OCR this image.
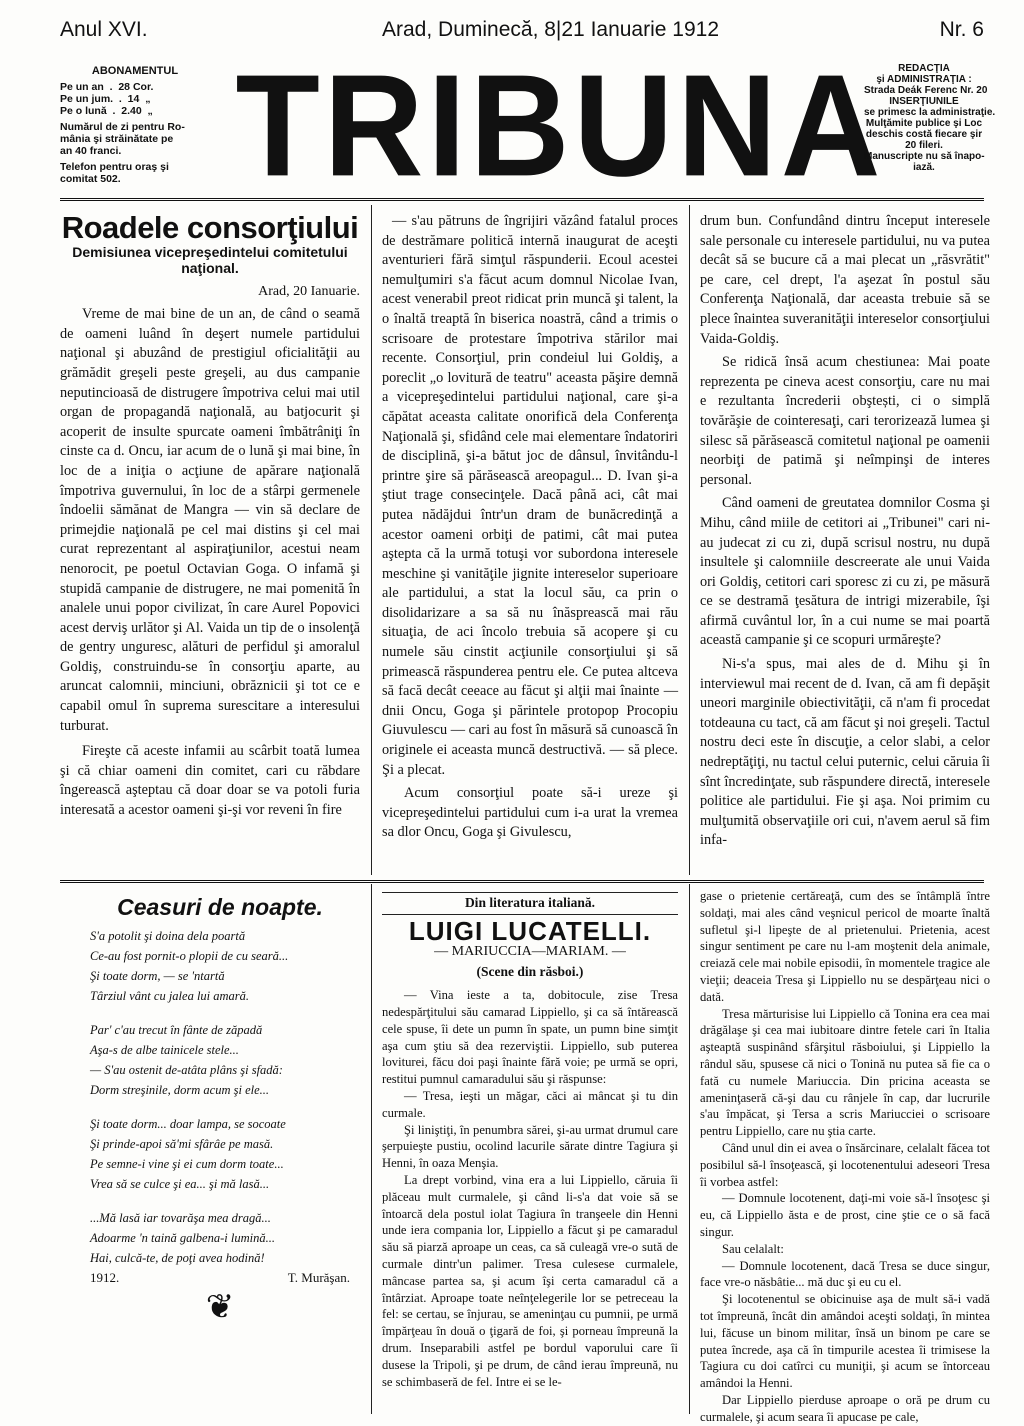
Anul XVI.	Arad, Duminecă, 8|21 Ianuarie 1912	Nr. 6
ABONAMENTUL
Pe un an  .  28 Cor.
Pe un jum.  .  14  „
Pe o lună  .  2.40  „
Numărul de zi pentru Ro-
mânia şi străinătate pe
an 40 franci.
Telefon pentru oraş şi
comitat 502. TRIBUNA	REDACŢIA
şi ADMINISTRAŢIA :
Strada Deák Ferenc Nr. 20
INSERŢIUNILE
se primesc la administraţie.
Mulţămite publice şi Loc
deschis costă fiecare şir
20 fileri.
Manuscripte nu să înapo-
iază.
Roadele consorţiului
Demisiunea vicepreşedintelui comitetului naţional.
Arad, 20 Ianuarie.

Vreme de mai bine de un an, de când o seamă de oameni luând în deşert numele partidului naţional şi abuzând de prestigiul oficialităţii au grămădit greşeli peste greşeli, au dus campanie neputincioasă de distrugere împotriva celui mai util organ de propagandă naţională, au batjocurit şi acoperit de insulte spurcate oameni îmbătrâniţi în cinste ca d. Oncu, iar acum de o lună şi mai bine, în loc de a iniţia o acţiune de apărare naţională împotriva guvernului, în loc de a stârpi germenele îndoelii sămănat de Mangra — vin să declare de primejdie naţională pe cel mai distins şi cel mai curat reprezentant al aspiraţiunilor, acestui neam nenorocit, pe poetul Octavian Goga. O infamă şi stupidă campanie de distrugere, ne mai pomenită în analele unui popor civilizat, în care Aurel Popovici acest derviş urlător şi Al. Vaida un tip de o insolenţă de gentry unguresc, alături de perfidul şi amoralul Goldiş, construindu-se în consorţiu aparte, au aruncat calomnii, minciuni, obrăznicii şi tot ce e capabil omul în suprema surescitare a interesului turburat.

Fireşte că aceste infamii au scârbit toată lumea şi că chiar oameni din comitet, cari cu răbdare îngerească aşteptau că doar doar se va potoli furia interesată a acestor oameni şi-şi vor reveni în fire

— s'au pătruns de îngrijiri văzând fatalul proces de destrămare politică internă inaugurat de aceşti aventurieri fără simţul răspunderii. Ecoul acestei nemulţumiri s'a făcut acum domnul Nicolae Ivan, acest venerabil preot ridicat prin muncă şi talent, la o înaltă treaptă în biserica noastră, când a trimis o scrisoare de protestare împotriva stărilor mai recente. Consorţiul, prin condeiul lui Goldiş, a poreclit „o lovitură de teatru" aceasta păşire demnă a vicepreşedintelui partidului naţional, care şi-a căpătat aceasta calitate onorifică dela Conferenţa Naţională şi, sfidând cele mai elementare îndatoriri de disciplină, şi-a bătut joc de dânsul, învitându-l printre şire să părăsească areopagul... D. Ivan şi-a ştiut trage consecinţele. Dacă până aci, cât mai putea nădăjdui într'un dram de bunăcredinţă a acestor oameni orbiţi de patimi, cât mai putea aştepta că la urmă totuşi vor subordona interesele meschine şi vanităţile jignite intereselor superioare ale partidului, a stat la locul său, ca prin o disolidarizare a sa să nu înăsprească mai rău situaţia, de aci încolo trebuia să acopere şi cu numele său cinstit acţiunile consorţiului şi să primească răspunderea pentru ele. Ce putea altceva să facă decât ceeace au făcut şi alţii mai înainte — dnii Oncu, Goga şi părintele protopop Procopiu Giuvulescu — cari au fost în măsură să cunoască în originele ei aceasta muncă destructivă. — să plece. Şi a plecat.

Acum consorţiul poate să-i ureze şi vicepreşedintelui partidului cum i-a urat la vremea sa dlor Oncu, Goga şi Givulescu,

drum bun. Confundând dintru început interesele sale personale cu interesele partidului, nu va putea decât să se bucure că a mai plecat un „răsvrătit" pe care, cel drept, l'a aşezat în postul său Conferenţa Naţională, dar aceasta trebuie să se plece înaintea suveranităţii intereselor consorţiului Vaida-Goldiş.

Se ridică însă acum chestiunea: Mai poate reprezenta pe cineva acest consorţiu, care nu mai e rezultanta încrederii obştești, ci o simplă tovărăşie de cointeresaţi, cari terorizează lumea şi silesc să părăsească comitetul naţional pe oamenii neorbiţi de patimă şi neîmpinşi de interes personal.

Când oameni de greutatea domnilor Cosma şi Mihu, când miile de cetitori ai „Tribunei" cari ni-au judecat zi cu zi, după scrisul nostru, nu după insultele şi calomniile descreerate ale unui Vaida ori Goldiş, cetitori cari sporesc zi cu zi, pe măsură ce se destramă ţesătura de intrigi mizerabile, îşi afirmă cuvântul lor, în a cui nume se mai poartă această campanie şi ce scopuri urmăreşte?

Ni-s'a spus, mai ales de d. Mihu şi în interviewul mai recent de d. Ivan, că am fi depăşit uneori marginile obiectivităţii, că n'am fi procedat totdeauna cu tact, că am făcut şi noi greşeli. Tactul nostru deci este în discuţie, a celor slabi, a celor nedreptăţiţi, nu tactul celui puternic, celui căruia îi sînt încredinţate, sub răspundere directă, interesele politice ale partidului. Fie şi aşa. Noi primim cu mulţumită observaţiile ori cui, n'avem aerul să fim infa-

Ceasuri de noapte.
S'a potolit şi doina dela poartă
Ce-au fost pornit-o plopii de cu seară...
Şi toate dorm, — se 'ntartă
Târziul vânt cu jalea lui amară.
Par' c'au trecut în fânte de zăpadă
Aşa-s de albe tainicele stele...
— S'au ostenit de-atâta plâns şi sfadă:
Dorm streşinile, dorm acum şi ele...
Şi toate dorm... doar lampa, se socoate
Şi prinde-apoi să'mi sfârâe pe masă.
Pe semne-i vine şi ei cum dorm toate...
Vrea să se culce şi ea... şi mă lasă...
...Mă lasă iar tovarăşa mea dragă...
Adoarme 'n taină galbena-i lumină...
Hai, culcă-te, de poţi avea hodină!
1912.	T. Murăşan.
❦
Din literatura italiană.
LUIGI LUCATELLI.
— MARIUCCIA—MARIAM. —
(Scene din răsboi.)

— Vina ieste a ta, dobitocule, zise Tresa nedespărţitului său camarad Lippiello, şi ca să întărească cele spuse, îi dete un pumn în spate, un pumn bine simţit aşa cum ştiu să dea rezerviştii. Lippiello, sub puterea loviturei, făcu doi paşi înainte fără voie; pe urmă se opri, restitui pumnul camaradului său şi răspunse:

— Tresa, ieşti un măgar, căci ai mâncat şi tu din curmale.

Şi liniştiţi, în penumbra sărei, şi-au urmat drumul care şerpuieşte pustiu, ocolind lacurile sărate dintre Tagiura şi Henni, în oaza Menşia.

La drept vorbind, vina era a lui Lippiello, căruia îi plăceau mult curmalele, şi când li-s'a dat voie să se întoarcă dela postul iolat Tagiura în tranşeele din Henni unde iera compania lor, Lippiello a făcut şi pe camaradul său să piarză aproape un ceas, ca să culeagă vre-o sută de curmale dintr'un palimer. Tresa culesese curmalele, mâncase partea sa, şi acum îşi certa camaradul că a întârziat. Aproape toate neînţelegerile lor se petreceau la fel: se certau, se înjurau, se ameninţau cu pumnii, pe urmă împărţeau în două o ţigară de foi, şi porneau împreună la drum. Inseparabili astfel pe bordul vaporului care îi dusese la Tripoli, şi pe drum, de când ierau împreună, nu se schimbaseră de fel. Intre ei se le-

gase o prietenie certăreaţă, cum des se întâmplă între soldaţi, mai ales când veşnicul pericol de moarte înaltă sufletul şi-l lipeşte de al prietenului. Prietenia, acest singur sentiment pe care nu l-am moştenit dela animale, creiază cele mai nobile episodii, în momentele tragice ale vieţii; deaceia Tresa şi Lippiello nu se despărţeau nici o dată.

Tresa mărturisise lui Lippiello că Tonina era cea mai drăgălaşe şi cea mai iubitoare dintre fetele cari în Italia aşteaptă suspinând sfârşitul răsboiului, şi Lippiello la rândul său, spusese că nici o Tonină nu putea să fie ca o fată cu numele Mariuccia. Din pricina aceasta se ameninţaseră că-şi dau cu rânjele în cap, dar lucrurile s'au împăcat, şi Tersa a scris Mariucciei o scrisoare pentru Lippiello, care nu ştia carte.

Când unul din ei avea o însărcinare, celalalt făcea tot posibilul să-l însoţească, şi locotenentului adeseori Tresa îi vorbea astfel:

— Domnule locotenent, daţi-mi voie să-l însoţesc şi eu, că Lippiello ăsta e de prost, cine ştie ce o să facă singur.

Sau celalalt:

— Domnule locotenent, dacă Tresa se duce singur, face vre-o năsbâtie... mă duc şi eu cu el.

Şi locotenentul se obicinuise aşa de mult să-i vadă tot împreună, încât din amândoi aceşti soldaţi, în mintea lui, făcuse un binom militar, însă un binom pe care se putea încrede, aşa că în timpurile acestea îi trimisese la Tagiura cu doi catîrci cu muniţii, şi acum se întorceau amândoi la Henni.

Dar Lippiello pierduse aproape o oră pe drum cu curmalele, şi acum seara îi apucase pe cale,
